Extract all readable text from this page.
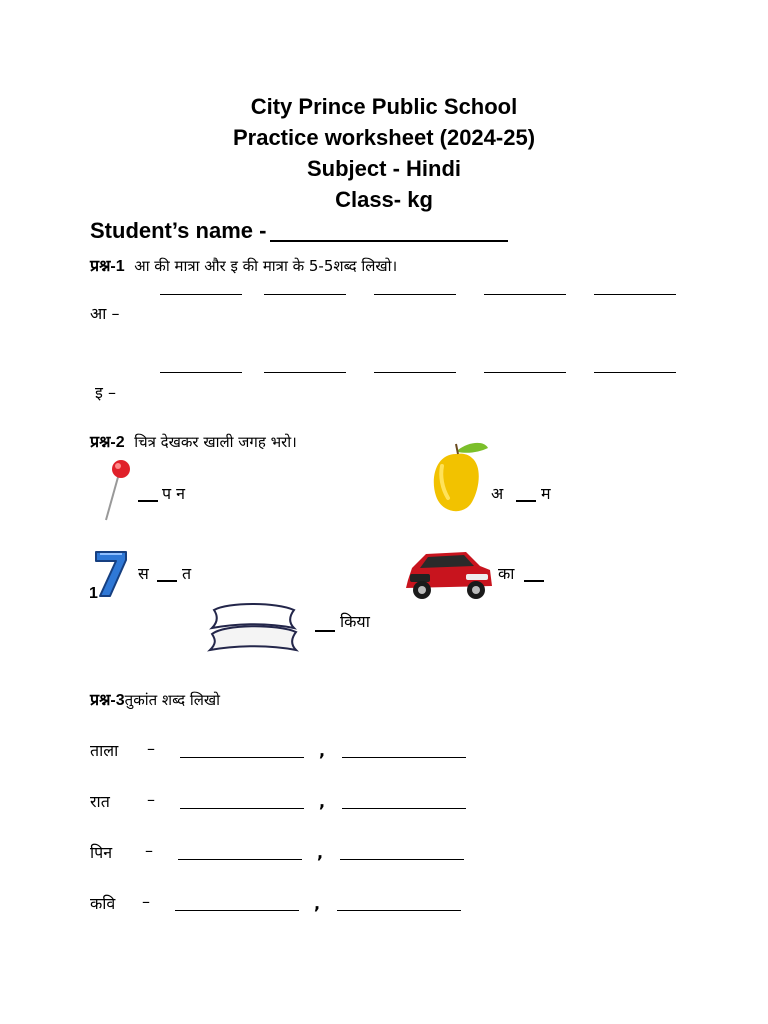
City Prince Public School
Practice worksheet (2024-25)
Subject - Hindi
Class- kg
Student’s name -
प्रश्न-1 आ की मात्रा और इ की मात्रा के 5-5शब्द लिखो।
आ –
इ –
प्रश्न-2 चित्र देखकर खाली जगह भरो।
प न	अ म
1
स त	का
किया
प्रश्न-3तुकांत शब्द लिखो
ताला –	,
रात –	,
पिन –	,
कवि –	,
